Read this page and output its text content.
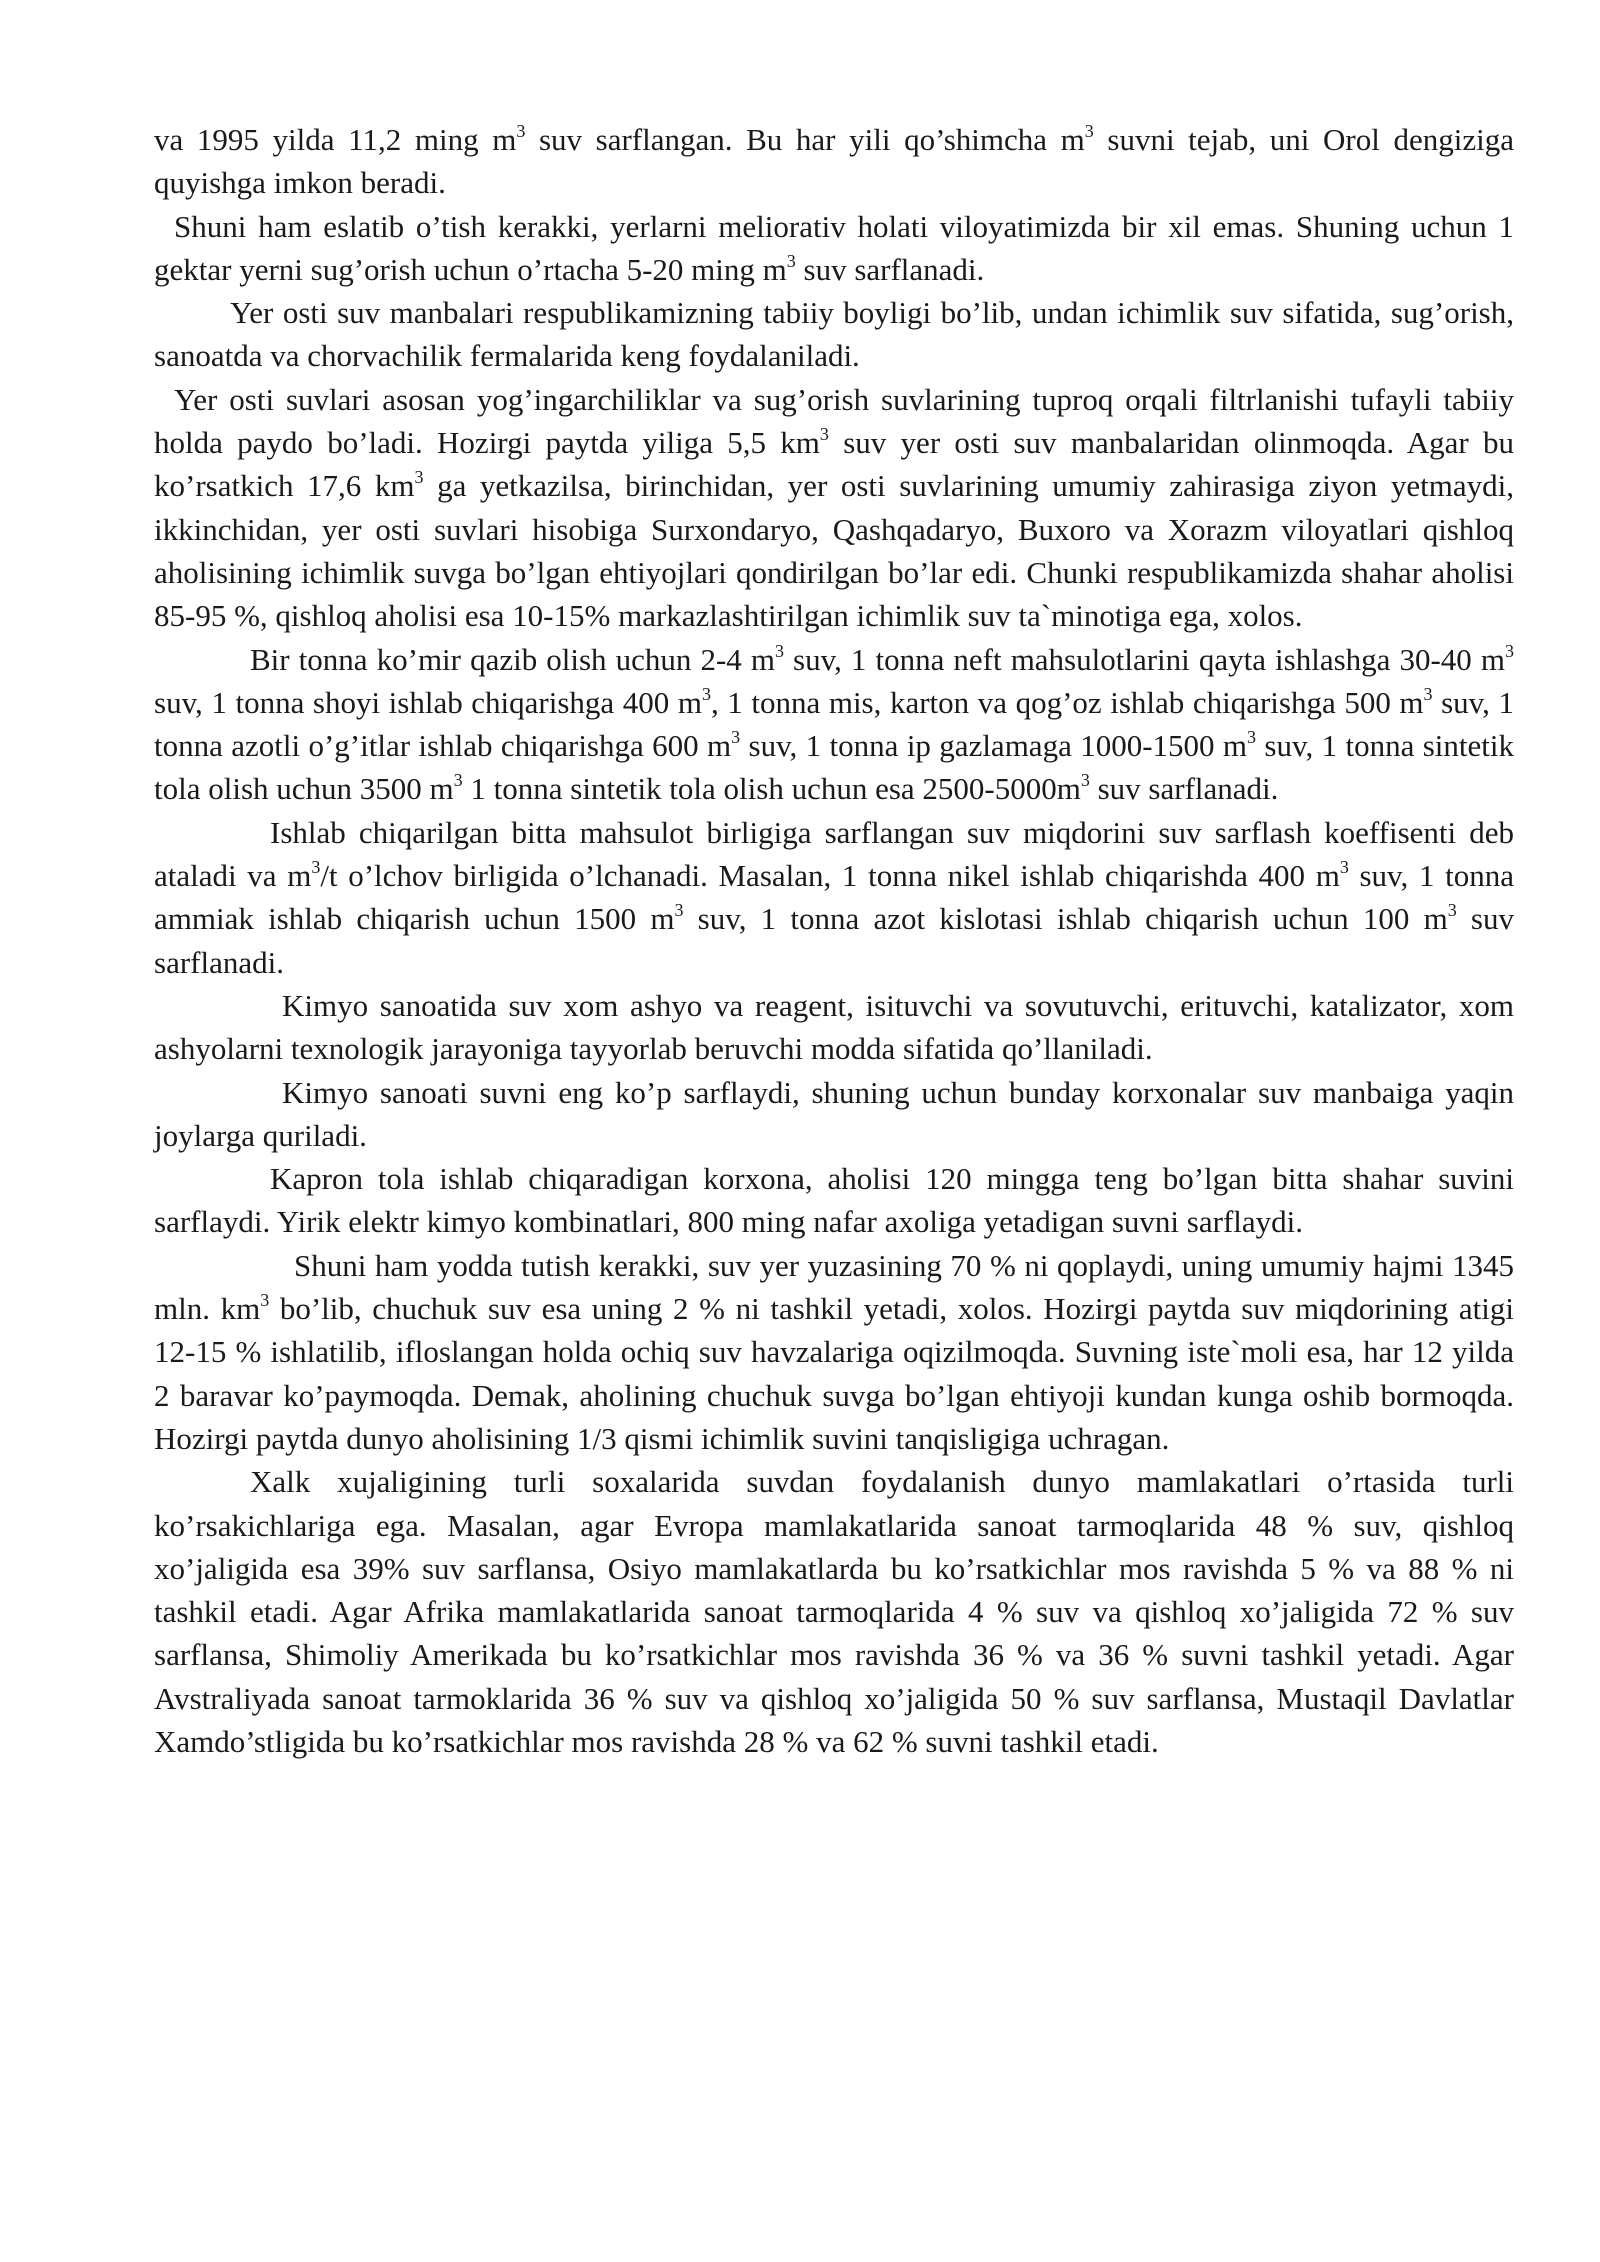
va 1995 yilda 11,2 ming $m^3$ suv sarflangan. Bu har yili qo’shimcha $m^3$ suvni tejab, uni Orol dengiziga quyishga imkon beradi.

Shuni ham eslatib o’tish kerakki, yerlarni meliorativ holati viloyatimizda bir xil emas. Shuning uchun 1 gektar yerni sug’orish uchun o’rtacha 5-20 ming $m^3$ suv sarflanadi.

Yer osti suv manbalari respublikamizning tabiiy boyligi bo’lib, undan ichimlik suv sifatida, sug’orish, sanoatda va chorvachilik fermalarida keng foydalaniladi.

Yer osti suvlari asosan yog’ingarchiliklar va sug’orish suvlarining tuproq orqali filtrlanishi tufayli tabiiy holda paydo bo’ladi. Hozirgi paytda yiliga 5,5 $km^3$ suv yer osti suv manbalaridan olinmoqda. Agar bu ko’rsatkich 17,6 $km^3$ ga yetkazilsa, birinchidan, yer osti suvlarining umumiy zahirasiga ziyon yetmaydi, ikkinchidan, yer osti suvlari hisobiga Surxondaryo, Qashqadaryo, Buxoro va Xorazm viloyatlari qishloq aholisining ichimlik suvga bo’lgan ehtiyojlari qondirilgan bo’lar edi. Chunki respublikamizda shahar aholisi 85-95 %, qishloq aholisi esa 10-15% markazlashtirilgan ichimlik suv ta`minotiga ega, xolos.

Bir tonna ko’mir qazib olish uchun 2-4 $m^3$ suv, 1 tonna neft mahsulotlarini qayta ishlashga 30-40 $m^3$ suv, 1 tonna shoyi ishlab chiqarishga 400 $m^3$, 1 tonna mis, karton va qog’oz ishlab chiqarishga 500 $m^3$ suv, 1 tonna azotli o’g’itlar ishlab chiqarishga 600 $m^3$ suv, 1 tonna ip gazlamaga 1000-1500 $m^3$ suv, 1 tonna sintetik tola olish uchun 3500 $m^3$ 1 tonna sintetik tola olish uchun esa $2500-5000m^3$ suv sarflanadi.

Ishlab chiqarilgan bitta mahsulot birligiga sarflangan suv miqdorini suv sarflash koeffisenti deb ataladi va $m^3/t$ o’lchov birligida o’lchanadi. Masalan, 1 tonna nikel ishlab chiqarishda 400 $m^3$ suv, 1 tonna ammiak ishlab chiqarish uchun 1500 $m^3$ suv, 1 tonna azot kislotasi ishlab chiqarish uchun 100 $m^3$ suv sarflanadi.

Kimyo sanoatida suv xom ashyo va reagent, isituvchi va sovutuvchi, erituvchi, katalizator, xom ashyolarni texnologik jarayoniga tayyorlab beruvchi modda sifatida qo’llaniladi.

Kimyo sanoati suvni eng ko’p sarflaydi, shuning uchun bunday korxonalar suv manbaiga yaqin joylarga quriladi.

Kapron tola ishlab chiqaradigan korxona, aholisi 120 mingga teng bo’lgan bitta shahar suvini sarflaydi. Yirik elektr kimyo kombinatlari, 800 ming nafar axoliga yetadigan suvni sarflaydi.

Shuni ham yodda tutish kerakki, suv yer yuzasining 70 % ni qoplaydi, uning umumiy hajmi 1345 mln. $km^3$ bo’lib, chuchuk suv esa uning 2 % ni tashkil yetadi, xolos. Hozirgi paytda suv miqdorining atigi 12-15 % ishlatilib, ifloslangan holda ochiq suv havzalariga oqizilmoqda. Suvning iste`moli esa, har 12 yilda 2 baravar ko’paymoqda. Demak, aholining chuchuk suvga bo’lgan ehtiyoji kundan kunga oshib bormoqda. Hozirgi paytda dunyo aholisining 1/3 qismi ichimlik suvini tanqisligiga uchragan.

Xalk xujaligining turli soxalarida suvdan foydalanish dunyo mamlakatlari o’rtasida turli ko’rsakichlariga ega. Masalan, agar Evropa mamlakatlarida sanoat tarmoqlarida 48 % suv, qishloq xo’jaligida esa 39% suv sarflansa, Osiyo mamlakatlarda bu ko’rsatkichlar mos ravishda 5 % va 88 % ni tashkil etadi. Agar Afrika mamlakatlarida sanoat tarmoqlarida 4 % suv va qishloq xo’jaligida 72 % suv sarflansa, Shimoliy Amerikada bu ko’rsatkichlar mos ravishda 36 % va 36 % suvni tashkil yetadi. Agar Avstraliyada sanoat tarmoklarida 36 % suv va qishloq xo’jaligida 50 % suv sarflansa, Mustaqil Davlatlar Xamdo’stligida bu ko’rsatkichlar mos ravishda 28 % va 62 % suvni tashkil etadi.
